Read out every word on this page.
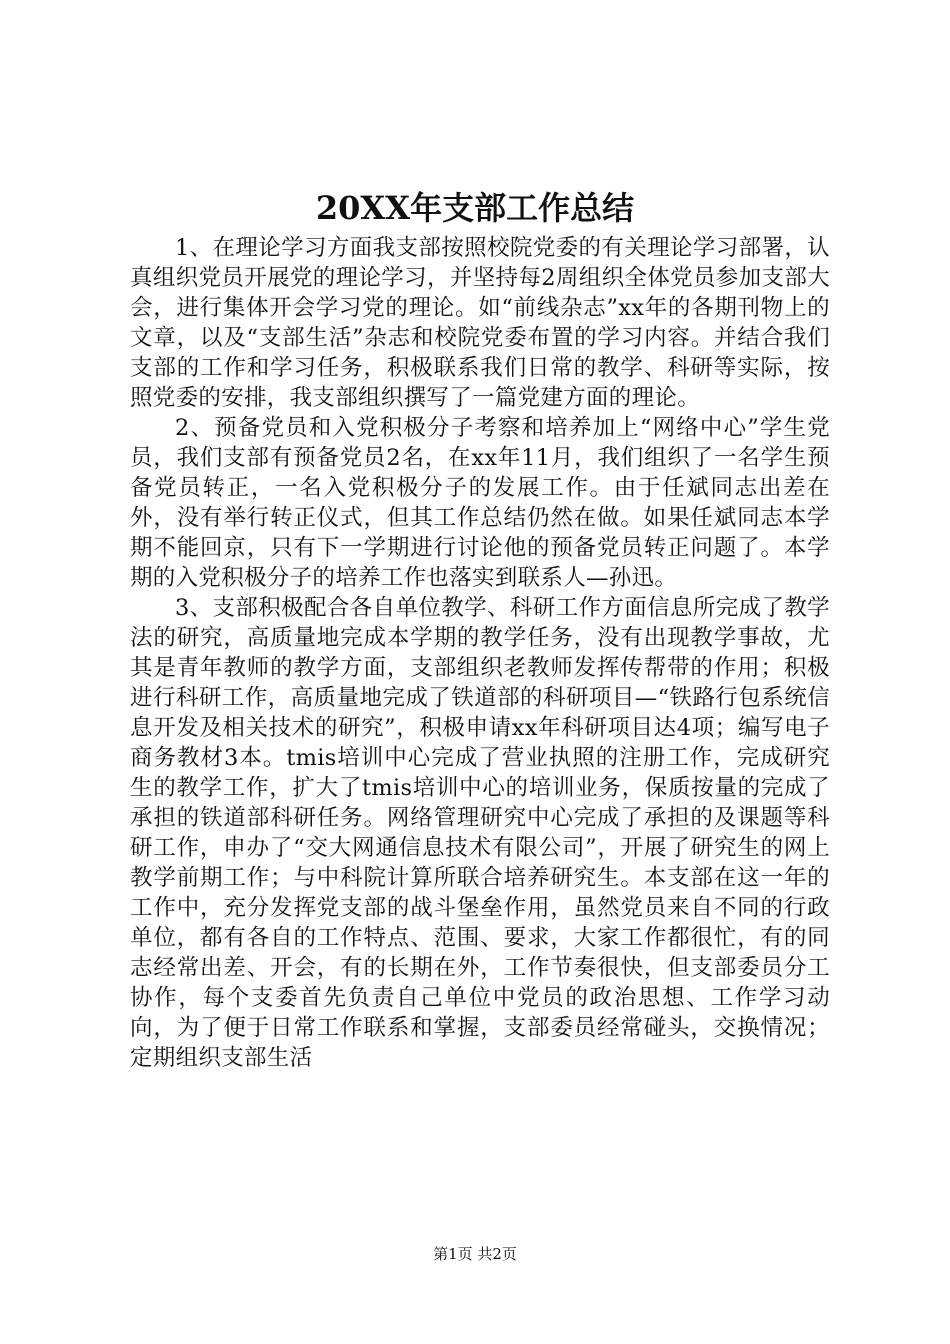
20XX年支部工作总结

1、在理论学习方面我支部按照校院党委的有关理论学习部署，认真组织党员开展党的理论学习，并坚持每2周组织全体党员参加支部大会，进行集体开会学习党的理论。如“前线杂志”xx年的各期刊物上的文章，以及“支部生活”杂志和校院党委布置的学习内容。并结合我们支部的工作和学习任务，积极联系我们日常的教学、科研等实际，按照党委的安排，我支部组织撰写了一篇党建方面的理论。

2、预备党员和入党积极分子考察和培养加上“网络中心”学生党员，我们支部有预备党员2名，在xx年11月，我们组织了一名学生预备党员转正，一名入党积极分子的发展工作。由于任斌同志出差在外，没有举行转正仪式，但其工作总结仍然在做。如果任斌同志本学期不能回京，只有下一学期进行讨论他的预备党员转正问题了。本学期的入党积极分子的培养工作也落实到联系人—孙迅。

3、支部积极配合各自单位教学、科研工作方面信息所完成了教学法的研究，高质量地完成本学期的教学任务，没有出现教学事故，尤其是青年教师的教学方面，支部组织老教师发挥传帮带的作用；积极进行科研工作，高质量地完成了铁道部的科研项目—“铁路行包系统信息开发及相关技术的研究”，积极申请xx年科研项目达4项；编写电子商务教材3本。tmis培训中心完成了营业执照的注册工作，完成研究生的教学工作，扩大了tmis培训中心的培训业务，保质按量的完成了承担的铁道部科研任务。网络管理研究中心完成了承担的及课题等科研工作，申办了“交大网通信息技术有限公司”，开展了研究生的网上教学前期工作；与中科院计算所联合培养研究生。本支部在这一年的工作中，充分发挥党支部的战斗堡垒作用，虽然党员来自不同的行政单位，都有各自的工作特点、范围、要求，大家工作都很忙，有的同志经常出差、开会，有的长期在外，工作节奏很快，但支部委员分工协作，每个支委首先负责自己单位中党员的政治思想、工作学习动向，为了便于日常工作联系和掌握，支部委员经常碰头，交换情况；定期组织支部生活

第1页 共2页
